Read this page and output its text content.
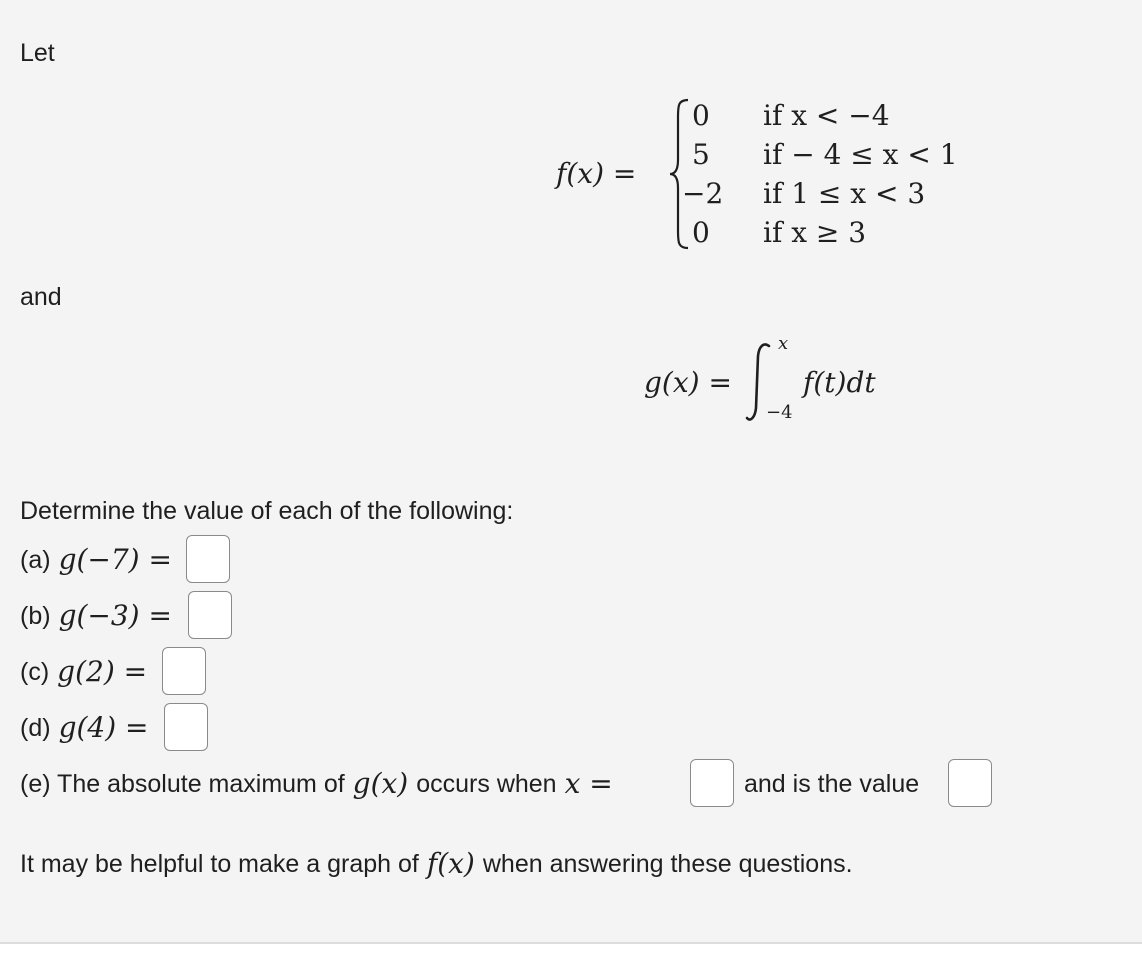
Let
f(x) =
0 if x < −4
5 if − 4 ≤ x < 1
−2 if 1 ≤ x < 3
0 if x ≥ 3
and
g(x) =
x
−4
f(t)dt
Determine the value of each of the following:
(a) g(−7) =
(b) g(−3) =
(c) g(2) =
(d) g(4) =
(e) The absolute maximum of g(x) occurs when x =	and is the value
It may be helpful to make a graph of f(x) when answering these questions.
